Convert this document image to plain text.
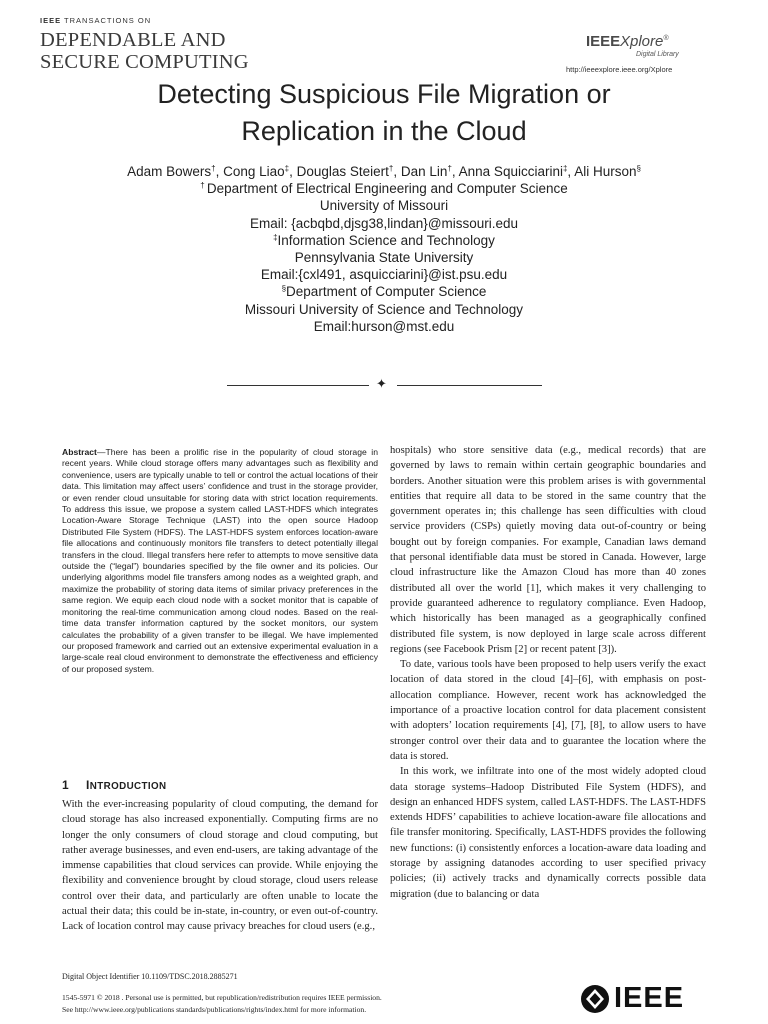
IEEE TRANSACTIONS ON
DEPENDABLE AND
SECURE COMPUTING
IEEE Xplore®
Digital Library
http://ieeexplore.ieee.org/Xplore
Detecting Suspicious File Migration or
Replication in the Cloud
Adam Bowers†, Cong Liao‡, Douglas Steiert†, Dan Lin†, Anna Squicciarini‡, Ali Hurson§
† Department of Electrical Engineering and Computer Science
University of Missouri
Email: {acbqbd,djsg38,lindan}@missouri.edu
‡Information Science and Technology
Pennsylvania State University
Email:{cxl491, asquicciarini}@ist.psu.edu
§Department of Computer Science
Missouri University of Science and Technology
Email:hurson@mst.edu
✦
Abstract—There has been a prolific rise in the popularity of cloud storage in recent years. While cloud storage offers many advantages such as flexibility and convenience, users are typically unable to tell or control the actual locations of their data. This limitation may affect users’ confidence and trust in the storage provider, or even render cloud unsuitable for storing data with strict location requirements. To address this issue, we propose a system called LAST-HDFS which integrates Location-Aware Storage Technique (LAST) into the open source Hadoop Distributed File System (HDFS). The LAST-HDFS system enforces location-aware file allocations and continuously monitors file transfers to detect potentially illegal transfers in the cloud. Illegal transfers here refer to attempts to move sensitive data outside the (“legal”) boundaries specified by the file owner and its policies. Our underlying algorithms model file transfers among nodes as a weighted graph, and maximize the probability of storing data items of similar privacy preferences in the same region. We equip each cloud node with a socket monitor that is capable of monitoring the real-time communication among cloud nodes. Based on the real-time data transfer information captured by the socket monitors, our system calculates the probability of a given transfer to be illegal. We have implemented our proposed framework and carried out an extensive experimental evaluation in a large-scale real cloud environment to demonstrate the effectiveness and efficiency of our proposed system.
1 INTRODUCTION
With the ever-increasing popularity of cloud computing, the demand for cloud storage has also increased exponentially. Computing firms are no longer the only consumers of cloud storage and cloud computing, but rather average businesses, and even end-users, are taking advantage of the immense capabilities that cloud services can provide. While enjoying the flexibility and convenience brought by cloud storage, cloud users release control over their data, and particularly are often unable to locate the actual their data; this could be in-state, in-country, or even out-of-country. Lack of location control may cause privacy breaches for cloud users (e.g.,
Digital Object Identifier 10.1109/TDSC.2018.2885271

hospitals) who store sensitive data (e.g., medical records) that are governed by laws to remain within certain geographic boundaries and borders. Another situation were this problem arises is with governmental entities that require all data to be stored in the same country that the government operates in; this challenge has seen difficulties with cloud service providers (CSPs) quietly moving data out-of-country or being bought out by foreign companies. For example, Canadian laws demand that personal identifiable data must be stored in Canada. However, large cloud infrastructure like the Amazon Cloud has more than 40 zones distributed all over the world [1], which makes it very challenging to provide guaranteed adherence to regulatory compliance. Even Hadoop, which historically has been managed as a geographically confined distributed file system, is now deployed in large scale across different regions (see Facebook Prism [2] or recent patent [3]).

To date, various tools have been proposed to help users verify the exact location of data stored in the cloud [4]–[6], with emphasis on post-allocation compliance. However, recent work has acknowledged the importance of a proactive location control for data placement consistent with adopters’ location requirements [4], [7], [8], to allow users to have stronger control over their data and to guarantee the location where the data is stored.

In this work, we infiltrate into one of the most widely adopted cloud data storage systems–Hadoop Distributed File System (HDFS), and design an enhanced HDFS system, called LAST-HDFS. The LAST-HDFS extends HDFS’ capabilities to achieve location-aware file allocations and file transfer monitoring. Specifically, LAST-HDFS provides the following new functions: (i) consistently enforces a location-aware data loading and storage by assigning datanodes according to user specified privacy policies; (ii) actively tracks and dynamically corrects possible data migration (due to balancing or data

1545-5971 © 2018 . Personal use is permitted, but republication/redistribution requires IEEE permission.
See http://www.ieee.org/publications standards/publications/rights/index.html for more information.	IEEE
